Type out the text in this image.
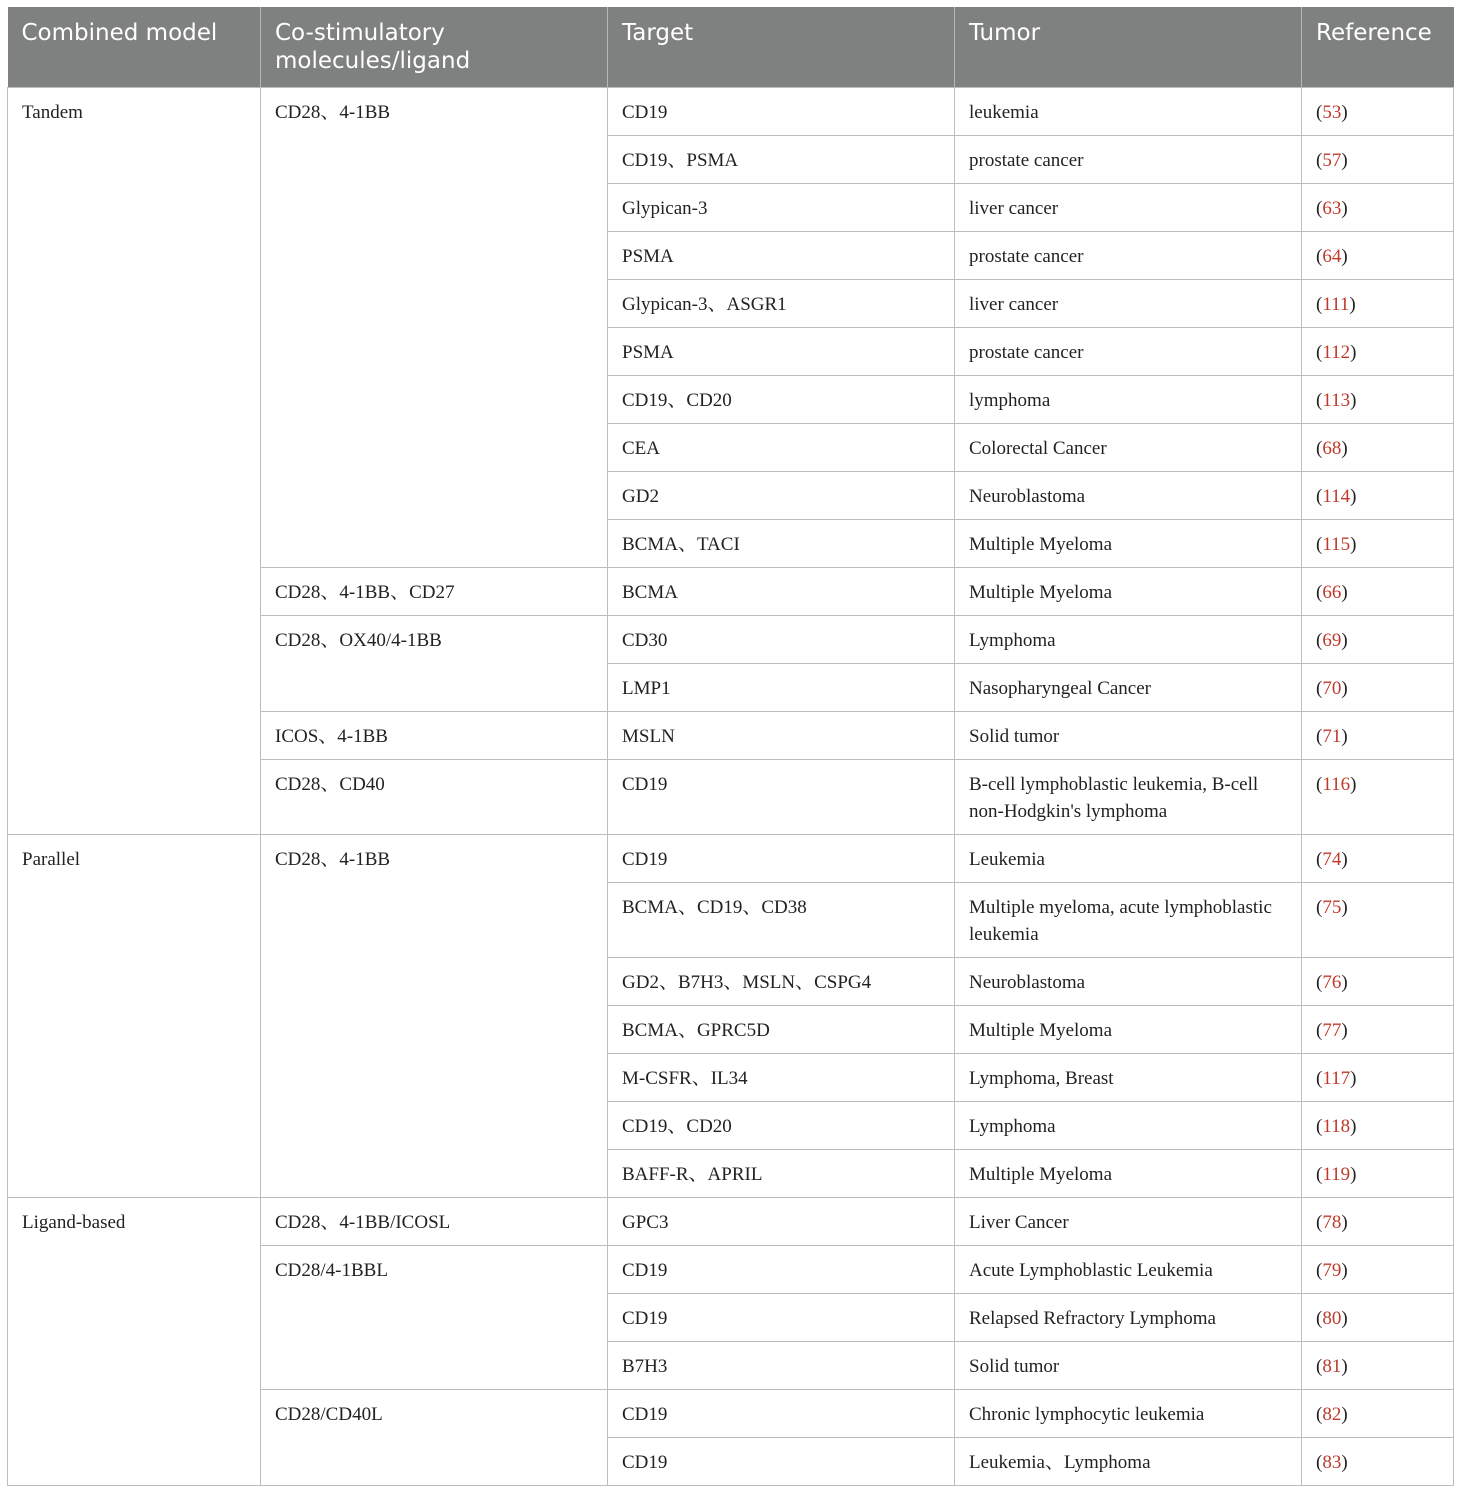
Combined model	Co-stimulatory molecules/ligand	Target	Tumor	Reference
Tandem	CD28、4-1BB	CD19	leukemia	(53)
		CD19、PSMA	prostate cancer	(57)
		Glypican-3	liver cancer	(63)
		PSMA	prostate cancer	(64)
		Glypican-3、ASGR1	liver cancer	(111)
		PSMA	prostate cancer	(112)
		CD19、CD20	lymphoma	(113)
		CEA	Colorectal Cancer	(68)
		GD2	Neuroblastoma	(114)
		BCMA、TACI	Multiple Myeloma	(115)
	CD28、4-1BB、CD27	BCMA	Multiple Myeloma	(66)
	CD28、OX40/4-1BB	CD30	Lymphoma	(69)
		LMP1	Nasopharyngeal Cancer	(70)
	ICOS、4-1BB	MSLN	Solid tumor	(71)
	CD28、CD40	CD19	B-cell lymphoblastic leukemia, B-cell non-Hodgkin's lymphoma	(116)
Parallel	CD28、4-1BB	CD19	Leukemia	(74)
		BCMA、CD19、CD38	Multiple myeloma, acute lymphoblastic leukemia	(75)
		GD2、B7H3、MSLN、CSPG4	Neuroblastoma	(76)
		BCMA、GPRC5D	Multiple Myeloma	(77)
		M-CSFR、IL34	Lymphoma, Breast	(117)
		CD19、CD20	Lymphoma	(118)
		BAFF-R、APRIL	Multiple Myeloma	(119)
Ligand-based	CD28、4-1BB/ICOSL	GPC3	Liver Cancer	(78)
	CD28/4-1BBL	CD19	Acute Lymphoblastic Leukemia	(79)
		CD19	Relapsed Refractory Lymphoma	(80)
		B7H3	Solid tumor	(81)
	CD28/CD40L	CD19	Chronic lymphocytic leukemia	(82)
		CD19	Leukemia、Lymphoma	(83)
